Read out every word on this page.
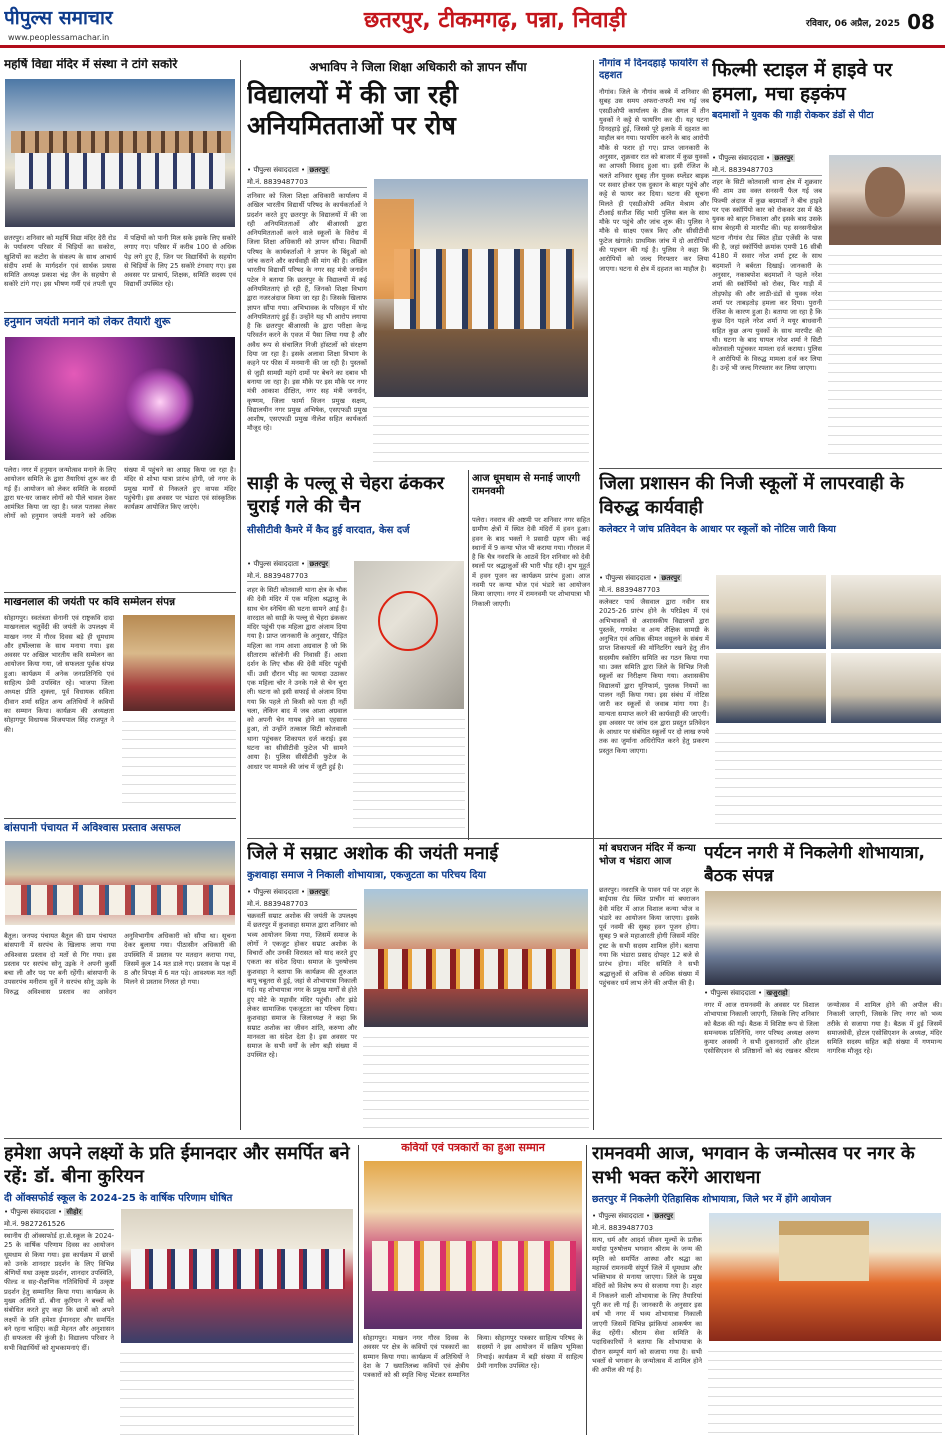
पीपुल्स समाचार
www.peoplessamachar.in
छतरपुर, टीकमगढ़, पन्ना, निवाड़ी	रविवार, 06 अप्रैल, 2025 08
महर्षि विद्या मंदिर में संस्था ने टांगे सकोरे
छतरपुर। शनिवार को महर्षि विद्या मंदिर देरी रोड के पर्यावरण परिसर में चिड़ियों का सकोरा, खुशियों का कटोरा के संकल्प के साथ आचार्य संदीप शर्मा के मार्गदर्शन एवं सार्थक प्रयास समिति अध्यक्ष प्रकाश चंद्र जैन के सहयोग से सकोरे टांगे गए। इस भीषण गर्मी एवं तपती धूप में पक्षियों को पानी मिल सके इसके लिए सकोरे लगाए गए। परिसर में करीब 100 से अधिक पेड़ लगे हुए हैं, जिन पर विद्यार्थियों के सहयोग से चिड़ियों के लिए 25 सकोरे टंगवाए गए। इस अवसर पर प्राचार्य, शिक्षक, समिति सदस्य एवं विद्यार्थी उपस्थित रहे।
हनुमान जयंती मनाने को लेकर तैयारी शुरू
पलेरा। नगर में हनुमान जन्मोत्सव मनाने के लिए आयोजन समिति के द्वारा तैयारियां शुरू कर दी गई हैं। आयोजन को लेकर समिति के सदस्यों द्वारा घर-घर जाकर लोगों को पीले चावल देकर आमंत्रित किया जा रहा है। ध्वज पताका लेकर लोगों को हनुमान जयंती मनाने को अधिक संख्या में पहुंचने का आग्रह किया जा रहा है। मंदिर से शोभा यात्रा प्रारंभ होगी, जो नगर के प्रमुख मार्गों से निकलते हुए वापस मंदिर पहुंचेगी। इस अवसर पर भंडारा एवं सांस्कृतिक कार्यक्रम आयोजित किए जाएंगे।
माखनलाल की जयंती पर कवि सम्मेलन संपन्न
सोहागपुर। स्वतंत्रता सेनानी एवं राष्ट्रकवि दादा माखनलाल चतुर्वेदी की जयंती के उपलक्ष्य में माखन नगर में गौरव दिवस बड़े ही धूमधाम और हर्षोल्लास के साथ मनाया गया। इस अवसर पर अखिल भारतीय कवि सम्मेलन का आयोजन किया गया, जो सफलता पूर्वक संपन्न हुआ। कार्यक्रम में अनेक जनप्रतिनिधि एवं साहित्य प्रेमी उपस्थित रहे। भाजपा जिला अध्यक्ष प्रीति शुक्ला, पूर्व विधायक सविता दीवान शर्मा सहित अन्य अतिथियों ने कवियों का सम्मान किया। कार्यक्रम की अध्यक्षता सोहागपुर विधायक विजयपाल सिंह राजपूत ने की।
बांसपानी पंचायत में अविश्वास प्रस्ताव असफल
बैतूल। जनपद पंचायत बैतूल की ग्राम पंचायत बांसपानी में सरपंच के खिलाफ लाया गया अविश्वास प्रस्ताव दो मतों से गिर गया। इस प्रस्ताव पर सरपंच सोनू उइके ने अपनी कुर्सी बचा ली और पद पर बनी रहेंगी। बांसपानी के उपसरपंच मनीराम धुर्वे ने सरपंच सोनू उइके के विरुद्ध अविश्वास प्रस्ताव का आवेदन अनुविभागीय अधिकारी को सौंपा था। सूचना देकर बुलाया गया। पीठासीन अधिकारी की उपस्थिति में प्रस्ताव पर मतदान कराया गया, जिसमें कुल 14 मत डाले गए। प्रस्ताव के पक्ष में 8 और विपक्ष में 6 मत पड़े। आवश्यक मत नहीं मिलने से प्रस्ताव निरस्त हो गया।
अभाविप ने जिला शिक्षा अधिकारी को ज्ञापन सौंपा
विद्यालयों में की जा रही अनियमितताओं पर रोष
• पीपुल्स संवाददाता • छतरपुर
मो.नं. 8839487703
शनिवार को जिला शिक्षा अधिकारी कार्यालय में अखिल भारतीय विद्यार्थी परिषद के कार्यकर्ताओं ने प्रदर्शन करते हुए छतरपुर के विद्यालयों में की जा रही अनियमितताओं और बीआरसी द्वारा अनियमितताओं करने वाले स्कूलों के विरोध में जिला शिक्षा अधिकारी को ज्ञापन सौंपा। विद्यार्थी परिषद के कार्यकर्ताओं ने ज्ञापन के बिंदुओं को जांच कराने और कार्यवाही की मांग की है। अखिल भारतीय विद्यार्थी परिषद के नगर सह मंत्री जनार्दन पटेल ने बताया कि छतरपुर के विद्यालयों में कई अनियमितताएं हो रही हैं, जिनको शिक्षा विभाग द्वारा नजरअंदाज किया जा रहा है। जिसके खिलाफ ज्ञापन सौंपा गया। अभिभावक के परिवहन में घोर अनियमितताएं हुई हैं। उन्होंने यह भी आरोप लगाया है कि छतरपुर बीआरसी के द्वारा परीक्षा केन्द्र परिवर्तन करने के एवज में पैसा लिया गया है और अवैध रूप से संचालित निजी हॉस्टलों को संरक्षण दिया जा रहा है। इसके अलावा शिक्षा विभाग के कहने पर फीस में मनमानी की जा रही है। पुस्तकों से जुड़ी सामग्री महंगे दामों पर बेचने का दबाव भी बनाया जा रहा है। इस मौके पर इस मौके पर नगर मंत्री आकाश दीक्षित, नगर सह मंत्री जनार्दन, कृष्णम, जिला फार्मा विजन प्रमुख सक्षम, विद्यालयीन नगर प्रमुख अभिषेक, एसएफडी प्रमुख आशीष, एसएफडी प्रमुख नीलेश सहित कार्यकर्ता मौजूद रहे।
साड़ी के पल्लू से चेहरा ढंककर चुराई गले की चैन
सीसीटीवी कैमरे में कैद हुई वारदात, केस दर्ज
• पीपुल्स संवाददाता • छतरपुर
मो.नं. 8839487703
शहर के सिटी कोतवाली थाना क्षेत्र के चौक की देवी मंदिर में एक महिला श्रद्धालु के साथ चेन स्नेचिंग की घटना सामने आई है। वारदात को साड़ी के पल्लू से चेहरा ढंककर मंदिर पहुंची एक महिला द्वारा अंजाम दिया गया है। प्राप्त जानकारी के अनुसार, पीड़ित महिला का नाम आशा अग्रवाल है जो कि सीताराम कॉलोनी की निवासी हैं। आशा दर्शन के लिए चौक की देवी मंदिर पहुंची थीं। उसी दौरान भीड़ का फायदा उठाकर एक महिला चोर ने उनके गले से चेन चुरा ली। घटना को इसी सफाई से अंजाम दिया गया कि पहले तो किसी को पता ही नहीं चला, लेकिन बाद में जब आशा अग्रवाल को अपनी चेन गायब होने का एहसास हुआ, तो उन्होंने तत्काल सिटी कोतवाली थाना पहुंचकर शिकायत दर्ज कराई। इस घटना का सीसीटीवी फुटेज भी सामने आया है। पुलिस सीसीटीवी फुटेज के आधार पर मामले की जांच में जुटी हुई है।
आज धूमधाम से मनाई जाएगी रामनवमी
पलेरा। नवरात्र की अष्टमी पर शनिवार नगर सहित ग्रामीण क्षेत्रों में स्थित देवी मंदिरों में हवन हुआ। हवन के बाद भक्तों ने प्रसादी ग्रहण की। कई स्थानों में 9 कन्या भोज भी कराया गया। गौरवल में है कि चैत्र नवरात्रि के आठवें दिन शनिवार को देवी स्थलों पर श्रद्धालुओं की भारी भीड़ रही। शुभ मुहूर्त में हवन पूजन का कार्यक्रम प्रारंभ हुआ। आज नवमी पर कन्या भोज एवं भंडारे का आयोजन किया जाएगा। नगर में रामनवमी पर शोभायात्रा भी निकाली जाएगी।
नौगांव में दिनदहाड़े फायरिंग से दहशत
नौगांव। जिले के नौगांव कस्बे में शनिवार की सुबह उस समय अफरा-तफरी मच गई जब एसडीओपी कार्यालय के ठीक बगल में तीन युवकों ने कट्टे से फायरिंग कर दी। यह घटना दिनदहाड़े हुई, जिससे पूरे इलाके में दहशत का माहौल बन गया। फायरिंग करने के बाद आरोपी मौके से फरार हो गए। प्राप्त जानकारी के अनुसार, शुक्रवार रात को बाजार में कुछ युवकों का आपसी विवाद हुआ था। इसी रंजिश के चलते शनिवार सुबह तीन युवक स्प्लेंडर बाइक पर सवार होकर एक दुकान के बाहर पहुंचे और कट्टे से फायर कर दिया। घटना की सूचना मिलते ही एसडीओपी अमित मेश्राम और टीआई सतीश सिंह भारी पुलिस बल के साथ मौके पर पहुंचे और जांच शुरू की। पुलिस ने मौके से साक्ष्य एकत्र किए और सीसीटीवी फुटेज खंगाले। प्राथमिक जांच में दो आरोपियों की पहचान की गई है। पुलिस ने कहा कि आरोपियों को जल्द गिरफ्तार कर लिया जाएगा। घटना से क्षेत्र में दहशत का माहौल है।
फिल्मी स्टाइल में हाइवे पर हमला, मचा हड़कंप
बदमाशों ने युवक की गाड़ी रोककर डंडों से पीटा
• पीपुल्स संवाददाता • छतरपुर
मो.नं. 8839487703
शहर के सिटी कोतवाली थाना क्षेत्र में शुक्रवार की शाम उस वक्त सनसनी फैल गई जब फिल्मी अंदाज में कुछ बदमाशों ने बीच हाइवे पर एक स्कॉर्पियो कार को रोककर उस में बैठे युवक को बाहर निकाला और इसके बाद उसके साथ बेरहमी से मारपीट की। यह सनसनीखेज घटना नौगांव रोड स्थित होंडा एजेंसी के पास की है, जहां स्कॉर्पियो क्रमांक एमपी 16 सीबी 4180 में सवार नरेश शर्मा ट्रस्ट के साथ बदमाशों ने बर्बरता दिखाई। जानकारी के अनुसार, नकाबपोश बदमाशों ने पहले नरेश शर्मा की स्कॉर्पियो को रोका, फिर गाड़ी में तोड़फोड़ की और लाठी-डंडों से युवक नरेश शर्मा पर ताबड़तोड़ हमला कर दिया। पुरानी रंजिश के कारण हुआ है। बताया जा रहा है कि कुछ दिन पहले नरेश शर्मा ने मयूर बाधवानी सहित कुछ अन्य युवकों के साथ मारपीट की थी। घटना के बाद घायल नरेश शर्मा ने सिटी कोतवाली पहुंचकर मामला दर्ज कराया। पुलिस ने आरोपियों के विरुद्ध मामला दर्ज कर लिया है। उन्हें भी जल्द गिरफ्तार कर लिया जाएगा।
जिला प्रशासन की निजी स्कूलों में लापरवाही के विरुद्ध कार्यवाही
कलेक्टर ने जांच प्रतिवेदन के आधार पर स्कूलों को नोटिस जारी किया
• पीपुल्स संवाददाता • छतरपुर
मो.नं. 8839487703
कलेक्टर पार्थ जैसवाल द्वारा नवीन सत्र 2025-26 प्रारंभ होने के परिप्रेक्ष्य में एवं अभिभावकों से अशासकीय विद्यालयों द्वारा पुस्तकें, गणवेश व अन्य शैक्षिक सामग्री के अनुचित एवं अधिक कीमत वसूलने के संबंध में प्राप्त शिकायतों की मॉनिटरिंग रखने हेतु तीन सदस्यीय स्कोरिंग समिति का गठन किया गया था। उक्त समिति द्वारा जिले के विभिन्न निजी स्कूलों का निरीक्षण किया गया। अशासकीय विद्यालयों द्वारा यूनिफार्म, पुस्तक नियमों का पालन नहीं किया गया। इस संबंध में नोटिस जारी कर स्कूलों से जवाब मांगा गया है। मान्यता समाप्त करने की कार्यवाही की जाएगी। इस अवसर पर जांच दल द्वारा प्रस्तुत प्रतिवेदन के आधार पर संबंधित स्कूलों पर दो लाख रुपये तक का जुर्माना अधिरोपित करने हेतु प्रकरण प्रस्तुत किया जाएगा।
जिले में सम्राट अशोक की जयंती मनाई
कुशवाहा समाज ने निकाली शोभायात्रा, एकजुटता का परिचय दिया
• पीपुल्स संवाददाता • छतरपुर
मो.नं. 8839487703
चक्रवर्ती सम्राट अशोक की जयंती के उपलक्ष्य में छतरपुर में कुशवाहा समाज द्वारा शनिवार को भव्य आयोजन किया गया, जिसमें समाज के लोगों ने एकजुट होकर सम्राट अशोक के विचारों और उनकी विरासत को याद करते हुए एकता का संदेश दिया। समाज के पुरुषोत्तम कुशवाहा ने बताया कि कार्यक्रम की शुरुआत बापू चबूतरा से हुई, जहां से शोभायात्रा निकाली गई। यह शोभायात्रा नगर के प्रमुख मार्गों से होते हुए मोटे के महावीर मंदिर पहुंची। और झंडे लेकर सामाजिक एकजुटता का परिचय दिया। कुशवाहा समाज के जिलाध्यक्ष ने कहा कि सम्राट अशोक का जीवन शांति, करुणा और मानवता का संदेश देता है। इस अवसर पर समाज के सभी वर्गों के लोग बड़ी संख्या में उपस्थित रहे।
मां बघराजन मंदिर में कन्या भोज व भंडारा आज
छतरपुर। नवरात्रि के पावन पर्व पर शहर के बाईपास रोड स्थित प्राचीन मां बघराजन देवी मंदिर में आज विशाल कन्या भोज व भंडारे का आयोजन किया जाएगा। इसके पूर्व नवमी की सुबह हवन पूजन होगा। सुबह 9 बजे महाआरती होगी जिसमें मंदिर ट्रस्ट के सभी सदस्य शामिल होंगे। बताया गया कि भंडारा प्रसाद दोपहर 12 बजे से प्रारंभ होगा। मंदिर समिति ने सभी श्रद्धालुओं से अधिक से अधिक संख्या में पहुंचकर धर्म लाभ लेने की अपील की है।
पर्यटन नगरी में निकलेगी शोभायात्रा, बैठक संपन्न
• पीपुल्स संवाददाता • खजुराहो
नगर में आज रामनवमी के अवसर पर विशाल शोभायात्रा निकाली जाएगी, जिसके लिए शनिवार को बैठक की गई। बैठक में विशिष्ट रूप से जिला समन्वयक प्रतिनिधि, नगर परिषद अध्यक्ष अरुण कुमार अवस्थी ने सभी दुकानदारों और होटल एसोसिएशन से प्रतिष्ठानों को बंद रखकर श्रीराम जन्मोत्सव में शामिल होने की अपील की। निकाली जाएगी, जिसके लिए नगर को भव्य तरीके से सजाया गया है। बैठक में हुई जिसमें समाजसेवी, होटल एसोसिएशन के अध्यक्ष, मंदिर समिति सदस्य सहित बड़ी संख्या में गणमान्य नागरिक मौजूद रहे।
हमेशा अपने लक्ष्यों के प्रति ईमानदार और समर्पित बने रहें: डॉ. बीना कुरियन
दी ऑक्सफोर्ड स्कूल के 2024-25 के वार्षिक परिणाम घोषित
• पीपुल्स संवाददाता • सीहोर
मो.नं. 9827261526
स्थानीय दी ऑक्सफोर्ड हा.से.स्कूल के 2024-25 के वार्षिक परिणाम दिवस का आयोजन धूमधाम से किया गया। इस कार्यक्रम में छात्रों को उनके शानदार प्रदर्शन के लिए विभिन्न श्रेणियों यथा उत्कृष्ट प्रदर्शन, शानदार उपस्थिति, फील्ड व सह-शैक्षणिक गतिविधियों में उत्कृष्ट प्रदर्शन हेतु सम्मानित किया गया। कार्यक्रम के मुख्य अतिथि डॉ. बीना कुरियन ने बच्चों को संबोधित करते हुए कहा कि छात्रों को अपने लक्ष्यों के प्रति हमेशा ईमानदार और समर्पित बने रहना चाहिए। कड़ी मेहनत और अनुशासन ही सफलता की कुंजी है। विद्यालय परिवार ने सभी विद्यार्थियों को शुभकामनाएं दीं।
कवियों एवं पत्रकारों का हुआ सम्मान
सोहागपुर। माखन नगर गौरव दिवस के अवसर पर क्षेत्र के कवियों एवं पत्रकारों का सम्मान किया गया। कार्यक्रम में अतिथियों ने देश के 7 ख्यातिलब्ध कवियों एवं क्षेत्रीय पत्रकारों को श्री स्मृति चिन्ह भेंटकर सम्मानित किया। सोहागपुर पत्रकार साहित्य परिषद के सदस्यों ने इस आयोजन में सक्रिय भूमिका निभाई। कार्यक्रम में बड़ी संख्या में साहित्य प्रेमी नागरिक उपस्थित रहे।
रामनवमी आज, भगवान के जन्मोत्सव पर नगर के सभी भक्त करेंगे आराधना
छतरपुर में निकलेगी ऐतिहासिक शोभायात्रा, जिले भर में होंगे आयोजन
• पीपुल्स संवाददाता • छतरपुर
मो.नं. 8839487703
सत्य, धर्म और आदर्श जीवन मूल्यों के प्रतीक मर्यादा पुरुषोत्तम भगवान श्रीराम के जन्म की स्मृति को समर्पित आस्था और श्रद्धा का महापर्व रामनवमी संपूर्ण जिले में धूमधाम और भक्तिभाव से मनाया जाएगा। जिले के प्रमुख मंदिरों को विशेष रूप से सजाया गया है। शहर में निकलने वाली शोभायात्रा के लिए तैयारियां पूरी कर ली गई हैं। जानकारी के अनुसार इस वर्ष भी नगर में भव्य शोभायात्रा निकाली जाएगी जिसमें विभिन्न झांकियां आकर्षण का केंद्र रहेंगी। श्रीराम सेवा समिति के पदाधिकारियों ने बताया कि शोभायात्रा के दौरान सम्पूर्ण मार्ग को सजाया गया है। सभी भक्तों से भगवान के जन्मोत्सव में शामिल होने की अपील की गई है।
